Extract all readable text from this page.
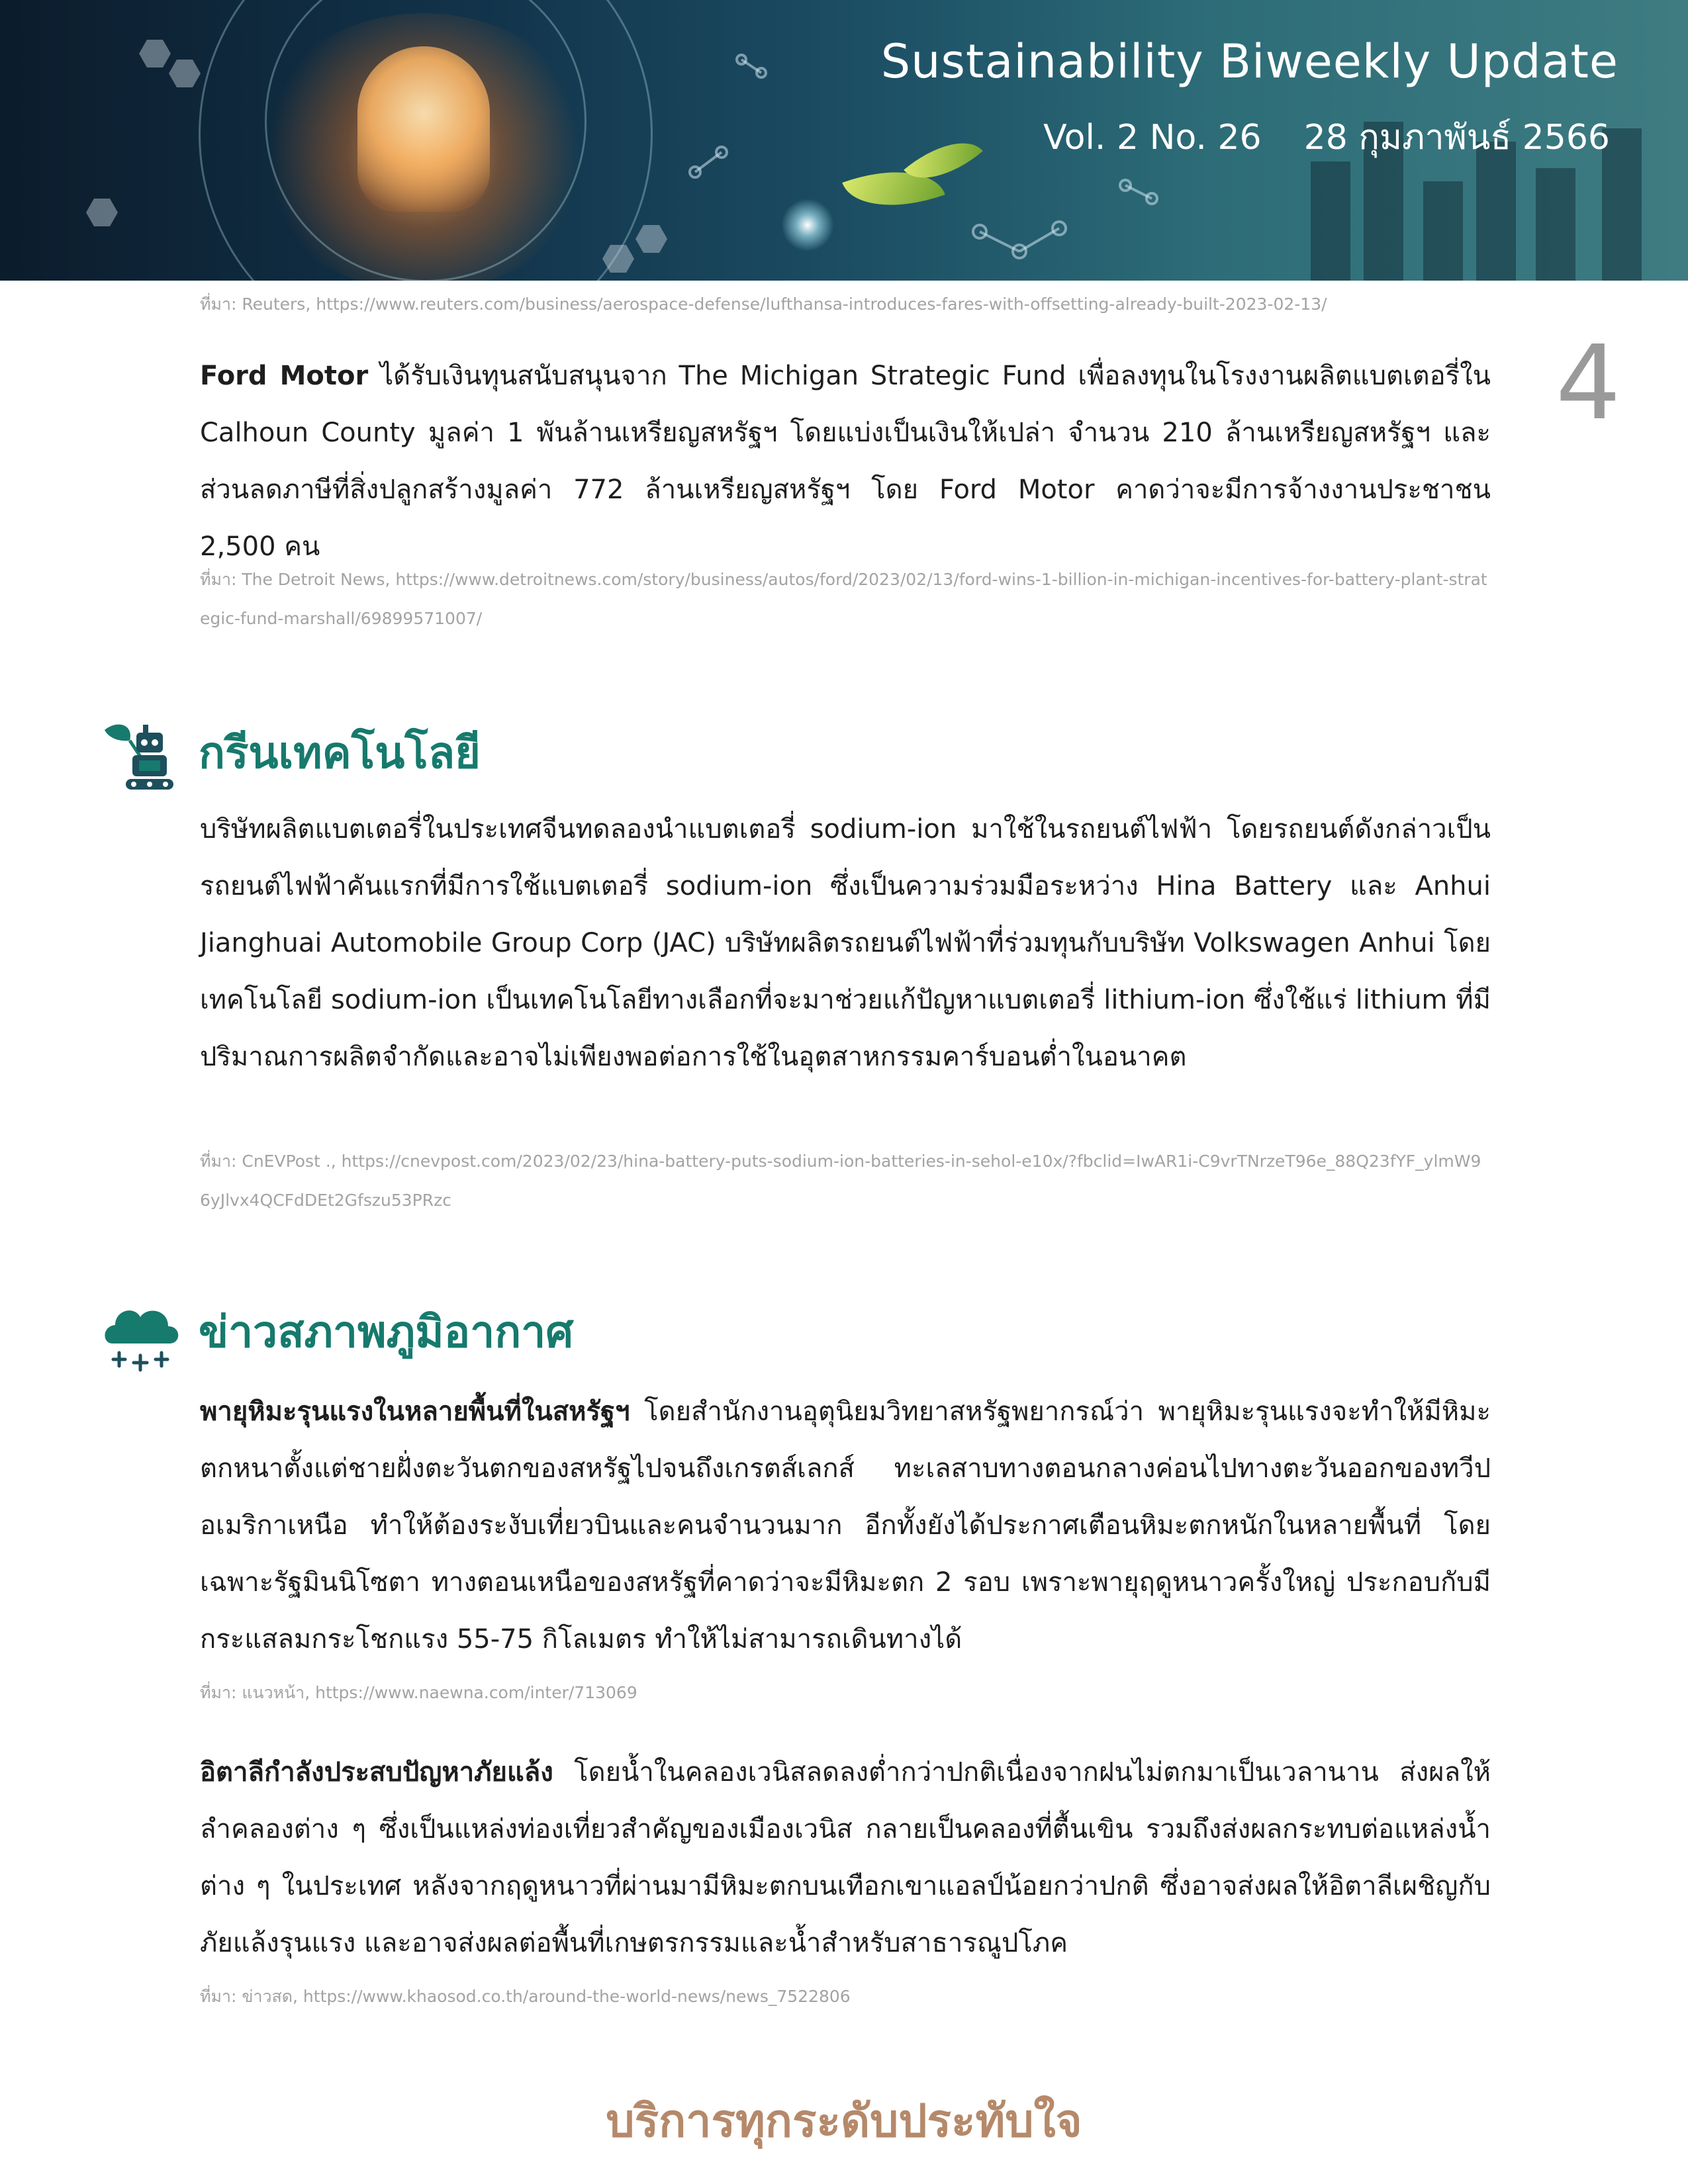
Sustainability Biweekly Update
Vol. 2 No. 26 28 กุมภาพันธ์ 2566
ที่มา: Reuters, https://www.reuters.com/business/aerospace-defense/lufthansa-introduces-fares-with-offsetting-already-built-2023-02-13/
4
Ford Motor ได้รับเงินทุนสนับสนุนจาก The Michigan Strategic Fund เพื่อลงทุนในโรงงานผลิตแบตเตอรี่ใน Calhoun County มูลค่า 1 พันล้านเหรียญสหรัฐฯ โดยแบ่งเป็นเงินให้เปล่า จำนวน 210 ล้านเหรียญสหรัฐฯ และส่วนลดภาษีที่สิ่งปลูกสร้างมูลค่า 772 ล้านเหรียญสหรัฐฯ โดย Ford Motor คาดว่าจะมีการจ้างงานประชาชน 2,500 คน
ที่มา: The Detroit News, https://www.detroitnews.com/story/business/autos/ford/2023/02/13/ford-wins-1-billion-in-michigan-incentives-for-battery-plant-strategic-fund-marshall/69899571007/
กรีนเทคโนโลยี
บริษัทผลิตแบตเตอรี่ในประเทศจีนทดลองนำแบตเตอรี่ sodium-ion มาใช้ในรถยนต์ไฟฟ้า โดยรถยนต์ดังกล่าวเป็นรถยนต์ไฟฟ้าคันแรกที่มีการใช้แบตเตอรี่ sodium-ion ซึ่งเป็นความร่วมมือระหว่าง Hina Battery และ Anhui Jianghuai Automobile Group Corp (JAC) บริษัทผลิตรถยนต์ไฟฟ้าที่ร่วมทุนกับบริษัท Volkswagen Anhui โดยเทคโนโลยี sodium-ion เป็นเทคโนโลยีทางเลือกที่จะมาช่วยแก้ปัญหาแบตเตอรี่ lithium-ion ซึ่งใช้แร่ lithium ที่มีปริมาณการผลิตจำกัดและอาจไม่เพียงพอต่อการใช้ในอุตสาหกรรมคาร์บอนต่ำในอนาคต
ที่มา: CnEVPost ., https://cnevpost.com/2023/02/23/hina-battery-puts-sodium-ion-batteries-in-sehol-e10x/?fbclid=IwAR1i-C9vrTNrzeT96e_88Q23fYF_ylmW96yJlvx4QCFdDEt2Gfszu53PRzc
ข่าวสภาพภูมิอากาศ
พายุหิมะรุนแรงในหลายพื้นที่ในสหรัฐฯ โดยสำนักงานอุตุนิยมวิทยาสหรัฐพยากรณ์ว่า พายุหิมะรุนแรงจะทำให้มีหิมะตกหนาตั้งแต่ชายฝั่งตะวันตกของสหรัฐไปจนถึงเกรตส์เลกส์ ทะเลสาบทางตอนกลางค่อนไปทางตะวันออกของทวีปอเมริกาเหนือ ทำให้ต้องระงับเที่ยวบินและคนจำนวนมาก อีกทั้งยังได้ประกาศเตือนหิมะตกหนักในหลายพื้นที่ โดยเฉพาะรัฐมินนิโซตา ทางตอนเหนือของสหรัฐที่คาดว่าจะมีหิมะตก 2 รอบ เพราะพายุฤดูหนาวครั้งใหญ่ ประกอบกับมีกระแสลมกระโชกแรง 55-75 กิโลเมตร ทำให้ไม่สามารถเดินทางได้
ที่มา: แนวหน้า, https://www.naewna.com/inter/713069
อิตาลีกำลังประสบปัญหาภัยแล้ง โดยน้ำในคลองเวนิสลดลงต่ำกว่าปกติเนื่องจากฝนไม่ตกมาเป็นเวลานาน ส่งผลให้ลำคลองต่าง ๆ ซึ่งเป็นแหล่งท่องเที่ยวสำคัญของเมืองเวนิส กลายเป็นคลองที่ตื้นเขิน รวมถึงส่งผลกระทบต่อแหล่งน้ำต่าง ๆ ในประเทศ หลังจากฤดูหนาวที่ผ่านมามีหิมะตกบนเทือกเขาแอลป์น้อยกว่าปกติ ซึ่งอาจส่งผลให้อิตาลีเผชิญกับภัยแล้งรุนแรง และอาจส่งผลต่อพื้นที่เกษตรกรรมและน้ำสำหรับสาธารณูปโภค
ที่มา: ข่าวสด, https://www.khaosod.co.th/around-the-world-news/news_7522806
บริการทุกระดับประทับใจ
